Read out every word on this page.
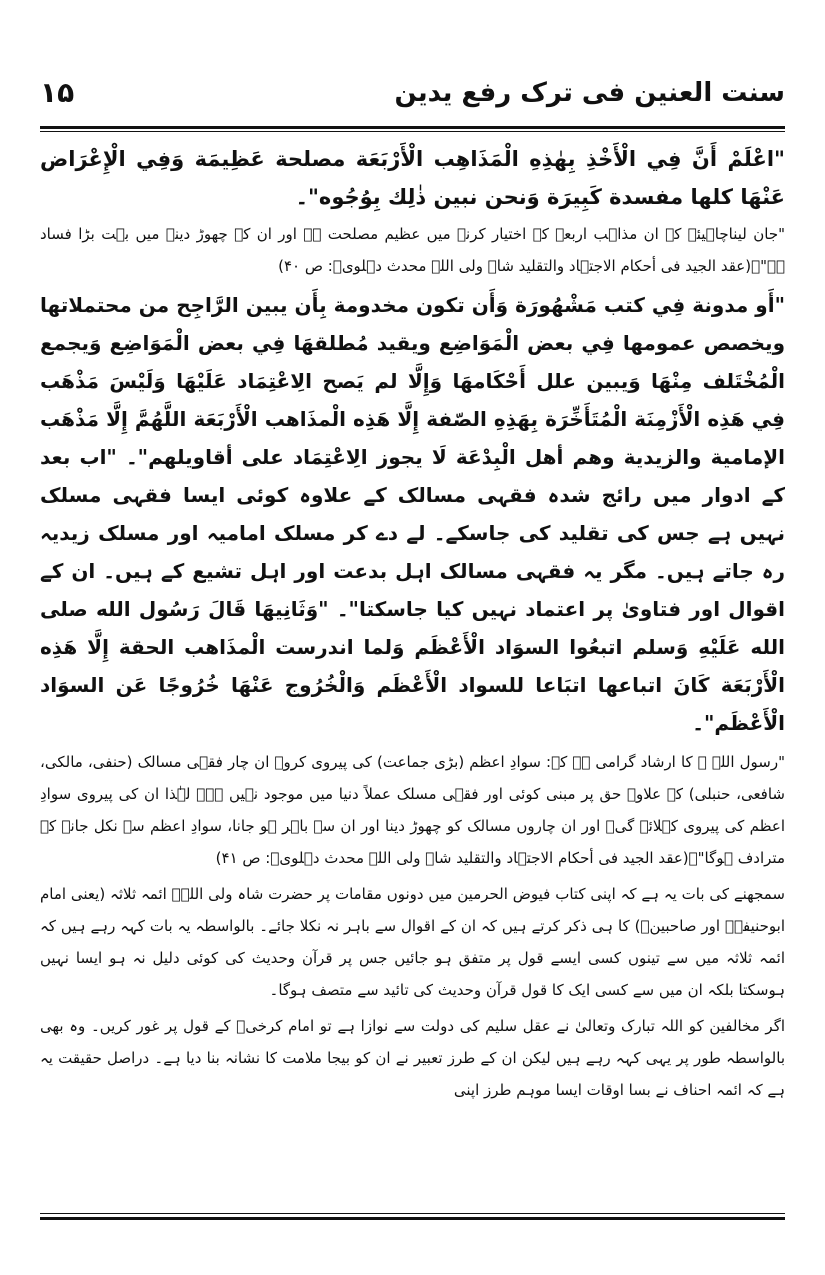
سنت العنین فی ترک رفع یدین
۱۵

"اعْلَمْ أَنَّ فِي الْأَخْذِ بِهٰذِهِ الْمَذَاهِب الْأَرْبَعَة مصلحة عَظِيمَة وَفِي الْإِعْرَاض عَنْهَا كلها مفسدة كَبِيرَة وَنحن نبين ذٰلِك بِوُجُوه"۔

"جان لیناچاہیئے کہ ان مذاہب اربعہ کے اختیار کرنے میں عظیم مصلحت ہے اور ان کے چھوڑ دینے میں بہت بڑا فساد ہے"۔(عقد الجید فی أحکام الاجتہاد والتقلید شاہ ولی اللہ محدث دہلویؒ: ص ۴۰)

"أَو مدونة فِي كتب مَشْهُورَة وَأَن تكون مخدومة بِأَن يبين الرَّاجِح من محتملاتها ويخصص عمومها فِي بعض الْمَوَاضِع ويقيد مُطلقهَا فِي بعض الْمَوَاضِع وَيجمع الْمُخْتَلف مِنْهَا وَيبين علل أَحْكَامهَا وَإِلَّا لم يَصح الِاعْتِمَاد عَلَيْهَا وَلَيْسَ مَذْهَب فِي هَذِه الْأَزْمِنَة الْمُتَأَخِّرَة بِهَذِهِ الصّفة إِلَّا هَذِه الْمذَاهب الْأَرْبَعَة اللَّهُمَّ إِلَّا مَذْهَب الإمامية والزيدية وهم أهل الْبِدْعَة لَا يجوز الِاعْتِمَاد على أقاويلهم"۔ "اب بعد کے ادوار میں رائج شدہ فقہی مسالک کے علاوہ کوئی ایسا فقہی مسلک نہیں ہے جس کی تقلید کی جاسکے۔ لے دے کر مسلک امامیہ اور مسلک زیدیہ رہ جاتے ہیں۔ مگر یہ فقہی مسالک اہل بدعت اور اہل تشیع کے ہیں۔ ان کے اقوال اور فتاویٰ پر اعتماد نہیں کیا جاسکتا"۔ "وَثَانِيهَا قَالَ رَسُول الله صلى الله عَلَيْهِ وَسلم اتبعُوا السوَاد الْأَعْظَم وَلما اندرست الْمذَاهب الحقة إِلَّا هَذِه الْأَرْبَعَة كَانَ اتباعها اتبَاعا للسواد الْأَعْظَم وَالْخُرُوج عَنْهَا خُرُوجًا عَن السوَاد الْأَعْظَم"۔

"رسول اللہ ﷺ کا ارشاد گرامی ہے کہ: سوادِ اعظم (بڑی جماعت) کی پیروی کرو۔ ان چار فقہی مسالک (حنفی، مالکی، شافعی، حنبلی) کے علاوہ حق پر مبنی کوئی اور فقہی مسلک عملاً دنیا میں موجود نہیں ہے۔ لہٰذا ان کی پیروی سوادِ اعظم کی پیروی کہلائے گی۔ اور ان چاروں مسالک کو چھوڑ دینا اور ان سے باہر ہو جانا، سوادِ اعظم سے نکل جانے کے مترادف ہوگا"۔(عقد الجید فی أحکام الاجتہاد والتقلید شاہ ولی اللہ محدث دہلویؒ: ص ۴۱)

سمجھنے کی بات یہ ہے کہ اپنی کتاب فیوض الحرمین میں دونوں مقامات پر حضرت شاہ ولی اللہؒ ائمہ ثلاثہ (یعنی امام ابوحنیفہؒ اور صاحبینؒ) کا ہی ذکر کرتے ہیں کہ ان کے اقوال سے باہر نہ نکلا جائے۔ بالواسطہ یہ بات کہہ رہے ہیں کہ ائمہ ثلاثہ میں سے تینوں کسی ایسے قول پر متفق ہو جائیں جس پر قرآن وحدیث کی کوئی دلیل نہ ہو ایسا نہیں ہوسکتا بلکہ ان میں سے کسی ایک کا قول قرآن وحدیث کی تائید سے متصف ہوگا۔

اگر مخالفین کو اللہ تبارک وتعالیٰ نے عقل سلیم کی دولت سے نوازا ہے تو امام کرخیؒ کے قول پر غور کریں۔ وہ بھی بالواسطہ طور پر یہی کہہ رہے ہیں لیکن ان کے طرز تعبیر نے ان کو بیجا ملامت کا نشانہ بنا دیا ہے۔ دراصل حقیقت یہ ہے کہ ائمہ احناف نے بسا اوقات ایسا موہم طرز اپنی
